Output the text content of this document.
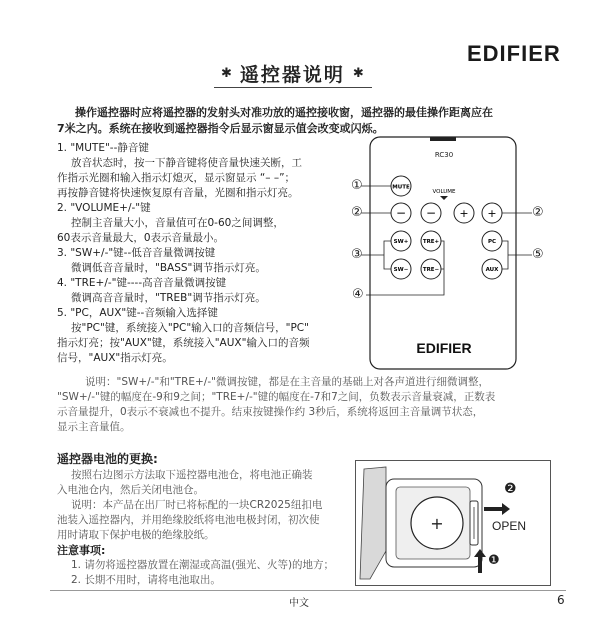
EDIFIER
✱ 遥控器说明 ✱
操作遥控器时应将遥控器的发射头对准功放的遥控接收窗，遥控器的最佳操作距离应在
7米之内。系统在接收到遥控器指令后显示窗显示值会改变或闪烁。
1. "MUTE"--静音键
放音状态时，按一下静音键将使音量快速关断，工
作指示光圈和输入指示灯熄灭，显示窗显示 “– –”；
再按静音键将快速恢复原有音量，光圈和指示灯亮。
2. "VOLUME+/-"键
控制主音量大小，音量值可在0-60之间调整，
60表示音量最大，0表示音量最小。
3. "SW+/-"键--低音音量微调按键
微调低音音量时，"BASS"调节指示灯亮。
4. "TRE+/-"键----高音音量微调按键
微调高音音量时，"TREB"调节指示灯亮。
5. "PC，AUX"键--音频输入选择键
按"PC"键，系统接入"PC"输入口的音频信号，"PC"
指示灯亮；按"AUX"键，系统接入"AUX"输入口的音频
信号，"AUX"指示灯亮。
RC30
MUTE
VOLUME
− − + +
SW+	TRE+	PC
SW−	TRE−	AUX
EDIFIER
①
②	②
③	⑤
④
说明："SW+/-"和"TRE+/-"微调按键，都是在主音量的基础上对各声道进行细微调整，
"SW+/-"键的幅度在-9和9之间；"TRE+/-"键的幅度在-7和7之间，负数表示音量衰减，正数表
示音量提升，0表示不衰减也不提升。结束按键操作约 3秒后，系统将返回主音量调节状态，
显示主音量值。
遥控器电池的更换:
按照右边图示方法取下遥控器电池仓，将电池正确装
入电池仓内，然后关闭电池仓。
说明：本产品在出厂时已将标配的一块CR2025纽扣电
池装入遥控器内，并用绝缘胶纸将电池电极封闭，初次使
用时请取下保护电极的绝缘胶纸。
注意事项:
1. 请勿将遥控器放置在潮湿或高温(强光、火等)的地方；
2. 长期不用时，请将电池取出。
+
❷
OPEN
❶
中文	6
